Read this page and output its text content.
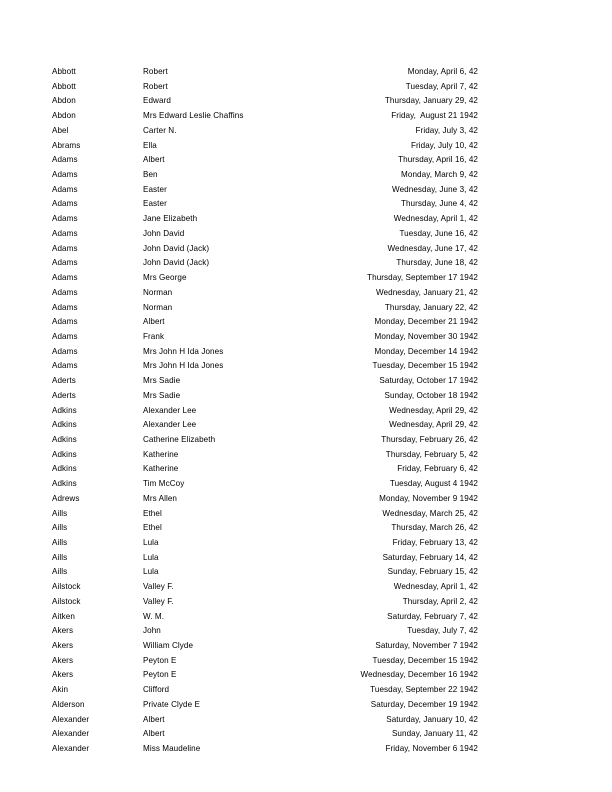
Abbott	Robert	Monday, April 6, 42
Abbott	Robert	Tuesday, April 7, 42
Abdon	Edward	Thursday, January 29, 42
Abdon	Mrs Edward Leslie Chaffins	Friday,  August 21 1942
Abel	Carter N.	Friday, July 3, 42
Abrams	Ella	Friday, July 10, 42
Adams	Albert	Thursday, April 16, 42
Adams	Ben	Monday, March 9, 42
Adams	Easter	Wednesday, June 3, 42
Adams	Easter	Thursday, June 4, 42
Adams	Jane Elizabeth	Wednesday, April 1, 42
Adams	John David	Tuesday, June 16, 42
Adams	John David (Jack)	Wednesday, June 17, 42
Adams	John David (Jack)	Thursday, June 18, 42
Adams	Mrs George	Thursday, September 17 1942
Adams	Norman	Wednesday, January 21, 42
Adams	Norman	Thursday, January 22, 42
Adams	Albert	Monday, December 21 1942
Adams	Frank	Monday, November 30 1942
Adams	Mrs John H Ida Jones	Monday, December 14 1942
Adams	Mrs John H Ida Jones	Tuesday, December 15 1942
Aderts	Mrs Sadie	Saturday, October 17 1942
Aderts	Mrs Sadie	Sunday, October 18 1942
Adkins	Alexander Lee	Wednesday, April 29, 42
Adkins	Alexander Lee	Wednesday, April 29, 42
Adkins	Catherine Elizabeth	Thursday, February 26, 42
Adkins	Katherine	Thursday, February 5, 42
Adkins	Katherine	Friday, February 6, 42
Adkins	Tim McCoy	Tuesday, August 4 1942
Adrews	Mrs Allen	Monday, November 9 1942
Aills	Ethel	Wednesday, March 25, 42
Aills	Ethel	Thursday, March 26, 42
Aills	Lula	Friday, February 13, 42
Aills	Lula	Saturday, February 14, 42
Aills	Lula	Sunday, February 15, 42
Ailstock	Valley F.	Wednesday, April 1, 42
Ailstock	Valley F.	Thursday, April 2, 42
Aitken	W. M.	Saturday, February 7, 42
Akers	John	Tuesday, July 7, 42
Akers	William Clyde	Saturday, November 7 1942
Akers	Peyton E	Tuesday, December 15 1942
Akers	Peyton E	Wednesday, December 16 1942
Akin	Clifford	Tuesday, September 22 1942
Alderson	Private Clyde E	Saturday, December 19 1942
Alexander	Albert	Saturday, January 10, 42
Alexander	Albert	Sunday, January 11, 42
Alexander	Miss Maudeline	Friday, November 6 1942
